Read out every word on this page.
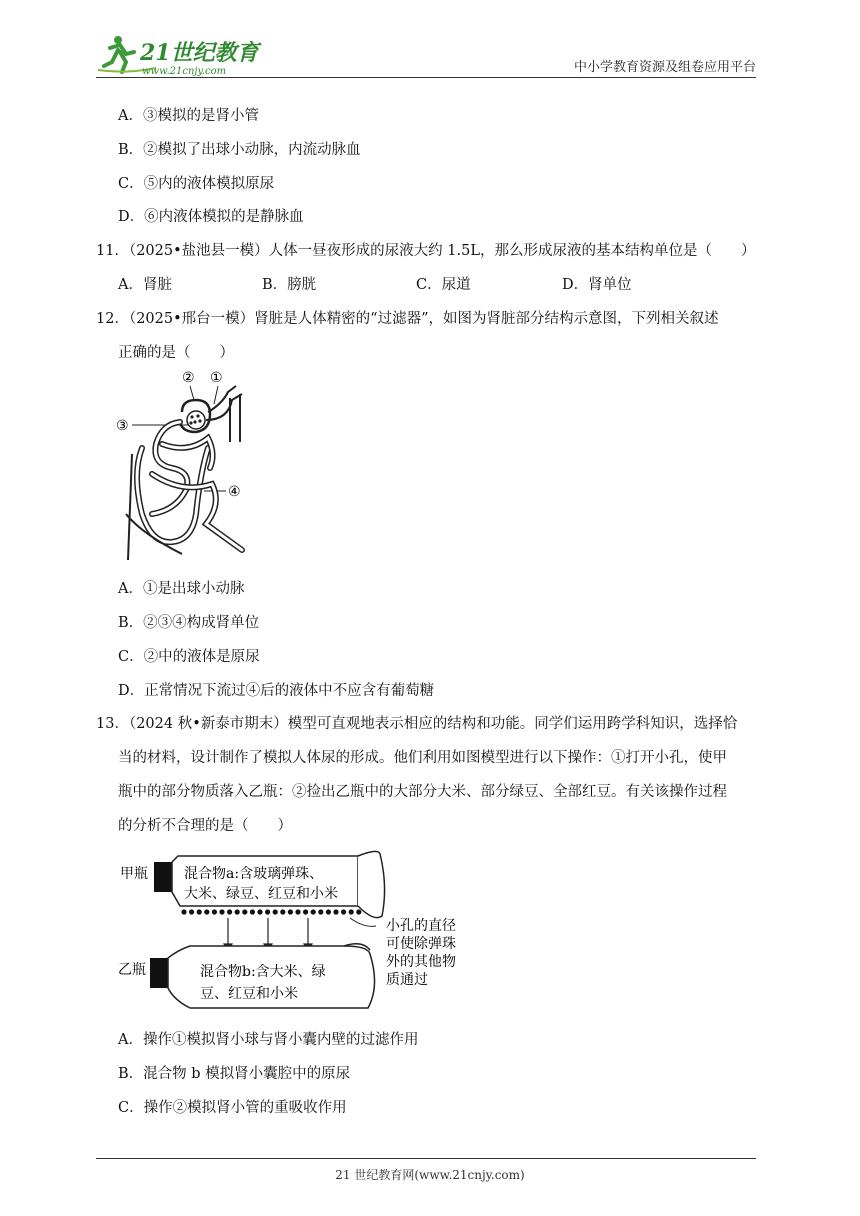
21世纪教育
www.21cnjy.com	中小学教育资源及组卷应用平台
A．③模拟的是肾小管
B．②模拟了出球小动脉，内流动脉血
C．⑤内的液体模拟原尿
D．⑥内液体模拟的是静脉血
11．（2025•盐池县一模）人体一昼夜形成的尿液大约 1.5L，那么形成尿液的基本结构单位是（　　）
A．肾脏	B．膀胱	C．尿道	D．肾单位
12．（2025•邢台一模）肾脏是人体精密的“过滤器”，如图为肾脏部分结构示意图，下列相关叙述
正确的是（　　）
② ①
③
④
A．①是出球小动脉
B．②③④构成肾单位
C．②中的液体是原尿
D．正常情况下流过④后的液体中不应含有葡萄糖
13．（2024 秋•新泰市期末）模型可直观地表示相应的结构和功能。同学们运用跨学科知识，选择恰
当的材料，设计制作了模拟人体尿的形成。他们利用如图模型进行以下操作：①打开小孔，使甲
瓶中的部分物质落入乙瓶：②捡出乙瓶中的大部分大米、部分绿豆、全部红豆。有关该操作过程
的分析不合理的是（　　）
甲瓶	混合物a:含玻璃弹珠、
大米、绿豆、红豆和小米
小孔的直径
可使除弹珠
外的其他物
质通过
乙瓶	混合物b:含大米、绿
豆、红豆和小米
A．操作①模拟肾小球与肾小囊内壁的过滤作用
B．混合物 b 模拟肾小囊腔中的原尿
C．操作②模拟肾小管的重吸收作用
21 世纪教育网(www.21cnjy.com)
